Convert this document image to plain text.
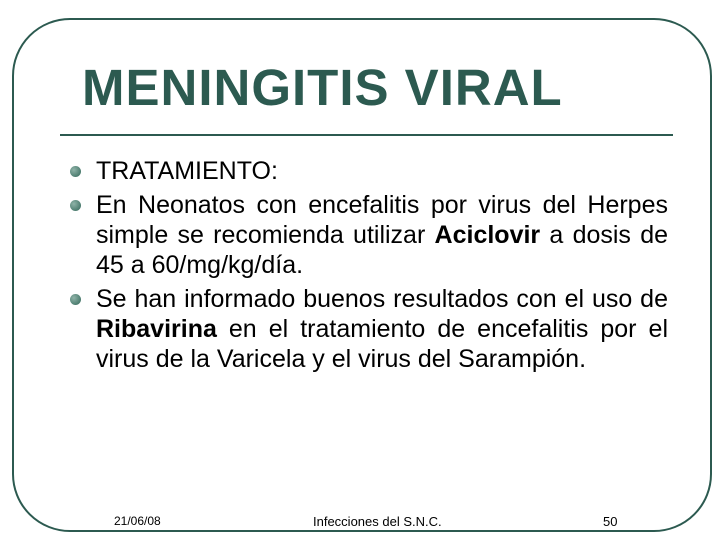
MENINGITIS VIRAL
TRATAMIENTO:
En Neonatos con encefalitis por virus del Herpes simple se recomienda utilizar Aciclovir a dosis de 45 a 60/mg/kg/día.
Se han informado buenos resultados con el uso de Ribavirina en el tratamiento de encefalitis por el virus de la Varicela y el virus del Sarampión.
21/06/08	Infecciones del S.N.C.	50
